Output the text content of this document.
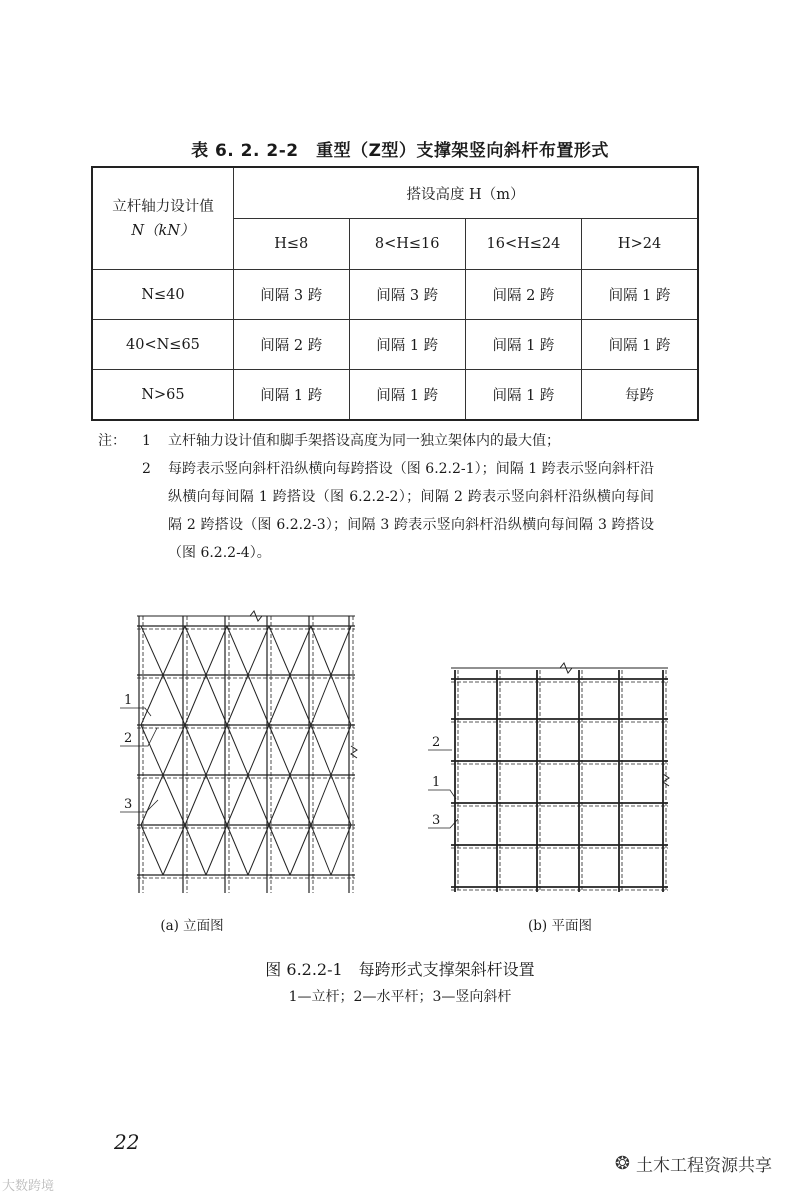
表 6. 2. 2-2　重型（Z型）支撑架竖向斜杆布置形式
立杆轴力设计值
N（kN）	搭设高度 H（m）			
	H≤8	8<H≤16	16<H≤24	H>24
N≤40	间隔 3 跨	间隔 3 跨	间隔 2 跨	间隔 1 跨
40<N≤65	间隔 2 跨	间隔 1 跨	间隔 1 跨	间隔 1 跨
N>65	间隔 1 跨	间隔 1 跨	间隔 1 跨	每跨
注： 1 立杆轴力设计值和脚手架搭设高度为同一独立架体内的最大值；
2 每跨表示竖向斜杆沿纵横向每跨搭设（图 6.2.2-1）；间隔 1 跨表示竖向斜杆沿纵横向每间隔 1 跨搭设（图 6.2.2-2）；间隔 2 跨表示竖向斜杆沿纵横向每间隔 2 跨搭设（图 6.2.2-3）；间隔 3 跨表示竖向斜杆沿纵横向每间隔 3 跨搭设（图 6.2.2-4）。
1
2
3
2
1
3
(a) 立面图	(b) 平面图
图 6.2.2-1　每跨形式支撑架斜杆设置
1—立杆；2—水平杆；3—竖向斜杆
22
❂ 土木工程资源共享
大数跨境
